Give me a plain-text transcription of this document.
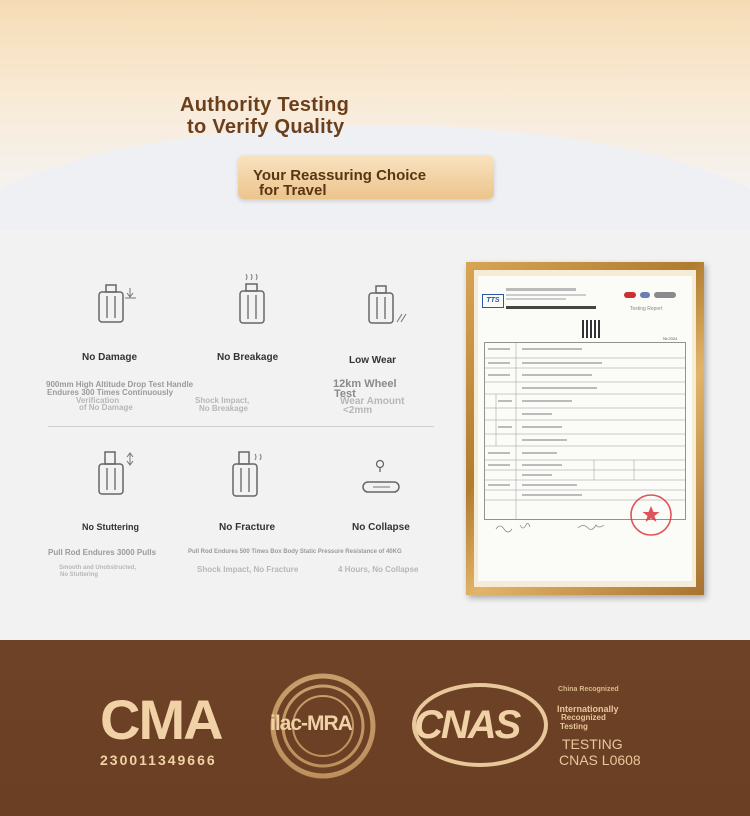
Authority Testing
to Verify Quality

Your Reassuring Choice
for Travel

No Damage
900mm High Altitude Drop Test Handle
Endures 300 Times Continuously
Verification
of No Damage
No Breakage
Shock Impact,
No Breakage
Low Wear
12km Wheel
Test
Wear Amount
<2mm
No Stuttering
Pull Rod Endures 3000 Pulls
Smooth and Unobstructed,
No Stuttering
No Fracture
Pull Rod Endures 500 Times Box Body Static Pressure Resistance of 40KG
Shock Impact, No Fracture
No Collapse
4 Hours, No Collapse
TTS
Testing Report
№ 2024
CMA
230011349666
ilac-MRA CNAS
China Recognized
Internationally
Recognized
Testing
TESTING
CNAS L0608
